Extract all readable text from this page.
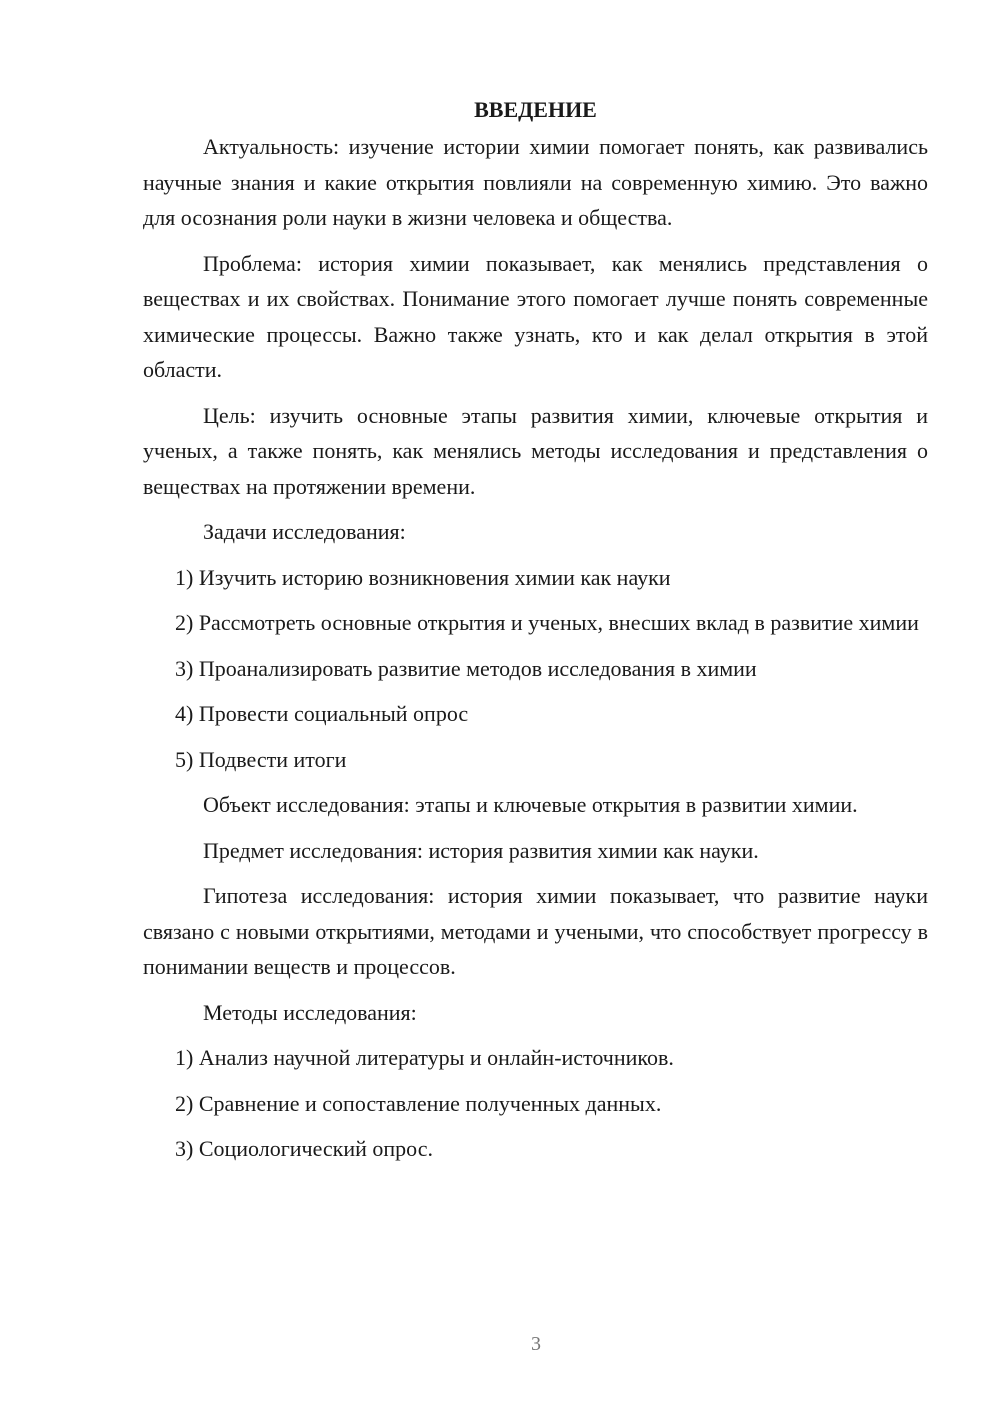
ВВЕДЕНИЕ

Актуальность: изучение истории химии помогает понять, как развивались научные знания и какие открытия повлияли на современную химию. Это важно для осознания роли науки в жизни человека и общества.

Проблема: история химии показывает, как менялись представления о веществах и их свойствах. Понимание этого помогает лучше понять современные химические процессы. Важно также узнать, кто и как делал открытия в этой области.

Цель: изучить основные этапы развития химии, ключевые открытия и ученых, а также понять, как менялись методы исследования и представления о веществах на протяжении времени.

Задачи исследования:

1) Изучить историю возникновения химии как науки

2) Рассмотреть основные открытия и ученых, внесших вклад в развитие химии

3) Проанализировать развитие методов исследования в химии

4) Провести социальный опрос

5) Подвести итоги

Объект исследования: этапы и ключевые открытия в развитии химии.

Предмет исследования: история развития химии как науки.

Гипотеза исследования: история химии показывает, что развитие науки связано с новыми открытиями, методами и учеными, что способствует прогрессу в понимании веществ и процессов.

Методы исследования:

1) Анализ научной литературы и онлайн-источников.

2) Сравнение и сопоставление полученных данных.

3) Социологический опрос.

3
